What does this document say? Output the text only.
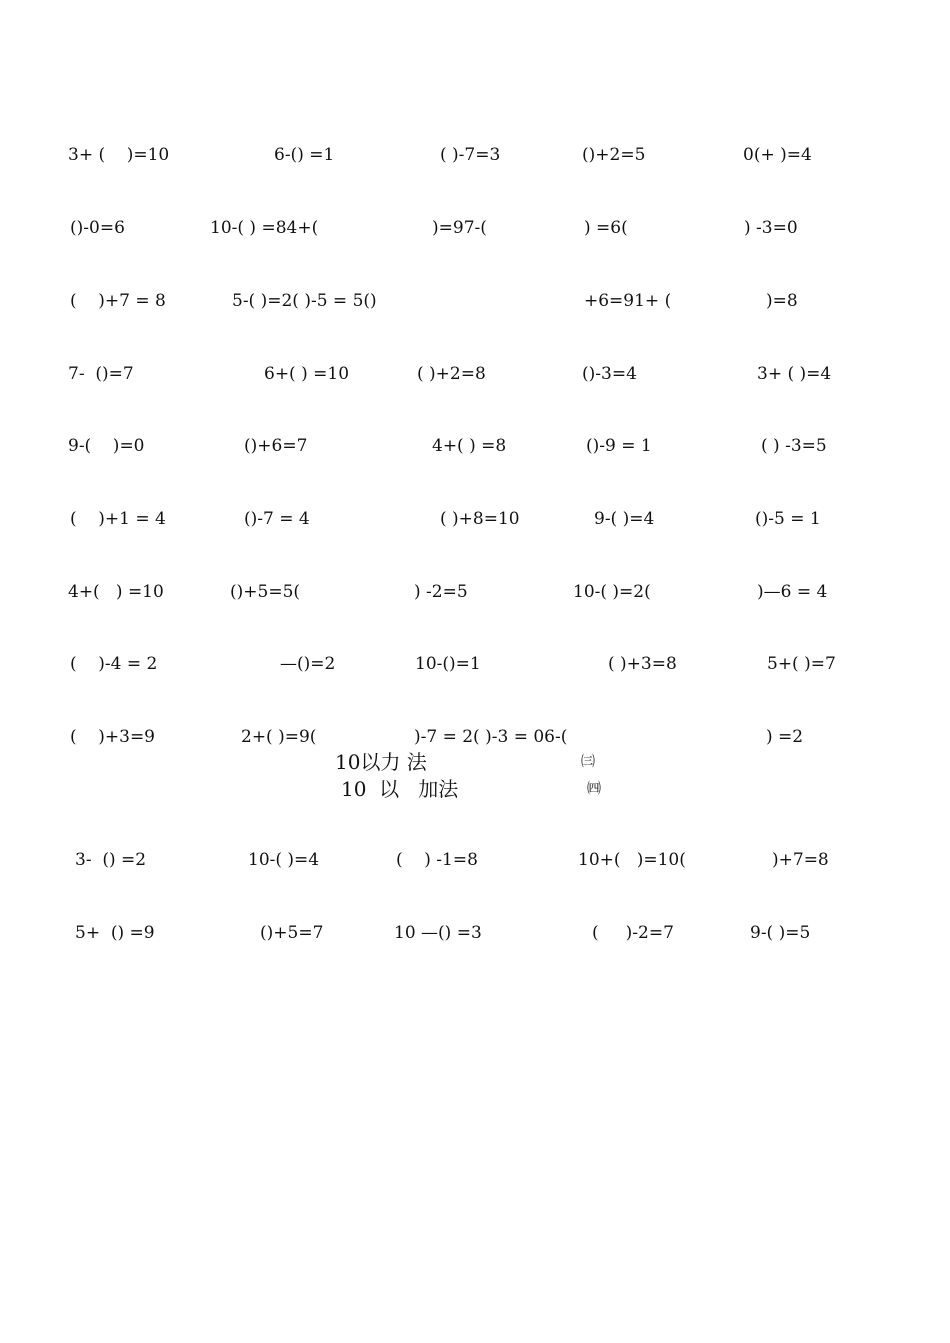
3+ (    )=10	6-() =1	( )-7=3	()+2=5	0(+ )=4
()-0=6	10-( ) =84+(	)=97-(	) =6(	) -3=0
(    )+7 = 8	5-( )=2( )-5 = 5()	+6=91+ (	)=8
7-  ()=7	6+( ) =10	( )+2=8	()-3=4	3+ ( )=4
9-(    )=0	()+6=7	4+( ) =8	()-9 = 1	( ) -3=5
(    )+1 = 4	()-7 = 4	( )+8=10	9-( )=4	()-5 = 1
4+(   ) =10	()+5=5(	) -2=5	10-( )=2(	)—6 = 4
(    )-4 = 2	—()=2	10-()=1	( )+3=8	5+( )=7
(    )+3=9	2+( )=9(	)-7 = 2( )-3 = 06-(	) =2
10以力 法	㈢
10  以   加法	㈣
3-  () =2	10-( )=4	(    ) -1=8	10+(   )=10(	)+7=8
5+  () =9	()+5=7	10 —() =3	(     )-2=7	9-( )=5
